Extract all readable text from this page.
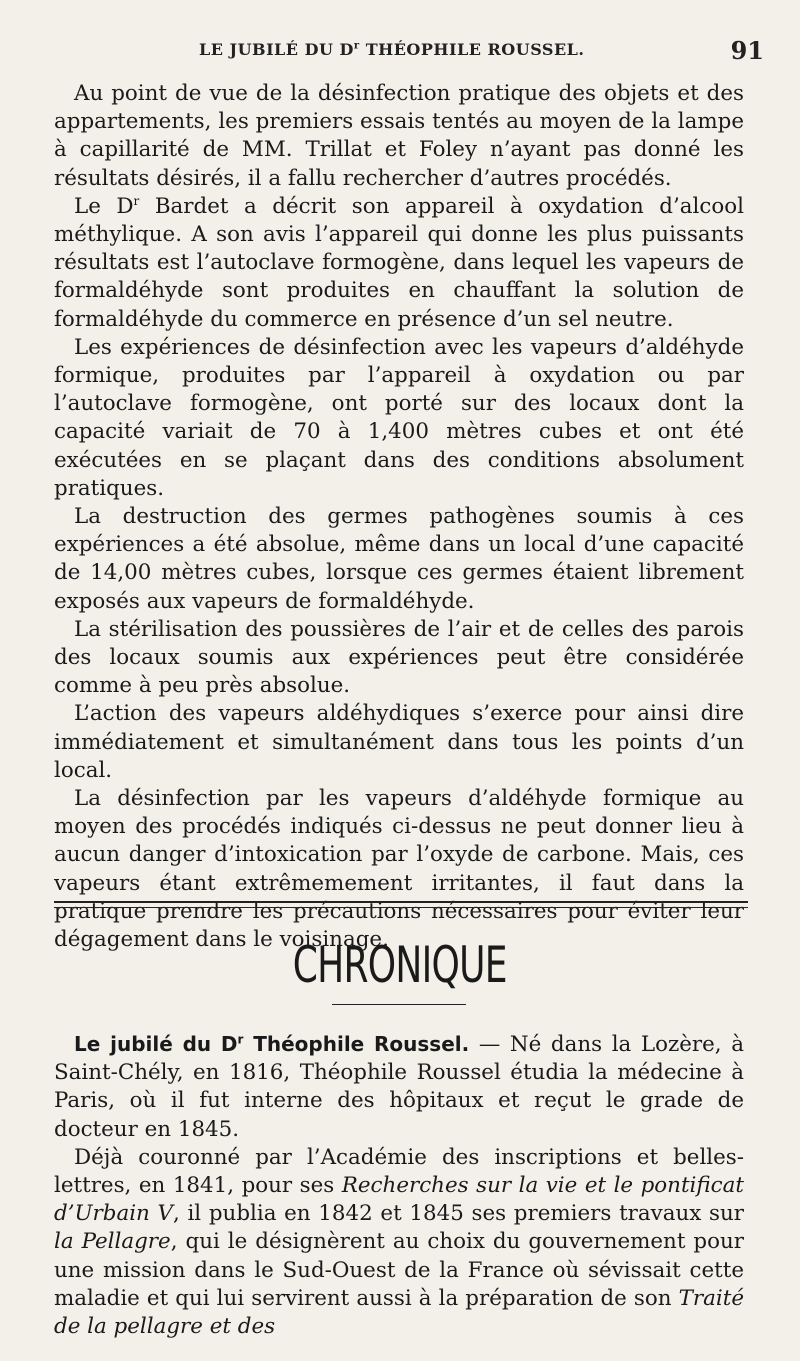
LE JUBILÉ DU $D^r$ THÉOPHILE ROUSSEL.	91

Au point de vue de la désinfection pratique des objets et des appartements, les premiers essais tentés au moyen de la lampe à capillarité de MM. Trillat et Foley n’ayant pas donné les résultats désirés, il a fallu rechercher d’autres procédés.

Le $D^r$ Bardet a décrit son appareil à oxydation d’alcool méthylique. A son avis l’appareil qui donne les plus puissants résultats est l’autoclave formogène, dans lequel les vapeurs de formaldéhyde sont produites en chauffant la solution de formaldéhyde du commerce en présence d’un sel neutre.

Les expériences de désinfection avec les vapeurs d’aldéhyde formique, produites par l’appareil à oxydation ou par l’autoclave formogène, ont porté sur des locaux dont la capacité variait de 70 à 1,400 mètres cubes et ont été exécutées en se plaçant dans des conditions absolument pratiques.

La destruction des germes pathogènes soumis à ces expériences a été absolue, même dans un local d’une capacité de 14,00 mètres cubes, lorsque ces germes étaient librement exposés aux vapeurs de formaldéhyde.

La stérilisation des poussières de l’air et de celles des parois des locaux soumis aux expériences peut être considérée comme à peu près absolue.

L’action des vapeurs aldéhydiques s’exerce pour ainsi dire immédiatement et simultanément dans tous les points d’un local.

La désinfection par les vapeurs d’aldéhyde formique au moyen des procédés indiqués ci-dessus ne peut donner lieu à aucun danger d’intoxication par l’oxyde de carbone. Mais, ces vapeurs étant extrêmemement irritantes, il faut dans la pratique prendre les précautions nécessaires pour éviter leur dégagement dans le voisinage.

CHRONIQUE

Le jubilé du $D^r$ Théophile Roussel. — Né dans la Lozère, à Saint-Chély, en 1816, Théophile Roussel étudia la médecine à Paris, où il fut interne des hôpitaux et reçut le grade de docteur en 1845.

Déjà couronné par l’Académie des inscriptions et belles-lettres, en 1841, pour ses Recherches sur la vie et le pontificat d’Urbain V, il publia en 1842 et 1845 ses premiers travaux sur la Pellagre, qui le désignèrent au choix du gouvernement pour une mission dans le Sud-Ouest de la France où sévissait cette maladie et qui lui servirent aussi à la préparation de son Traité de la pellagre et des
